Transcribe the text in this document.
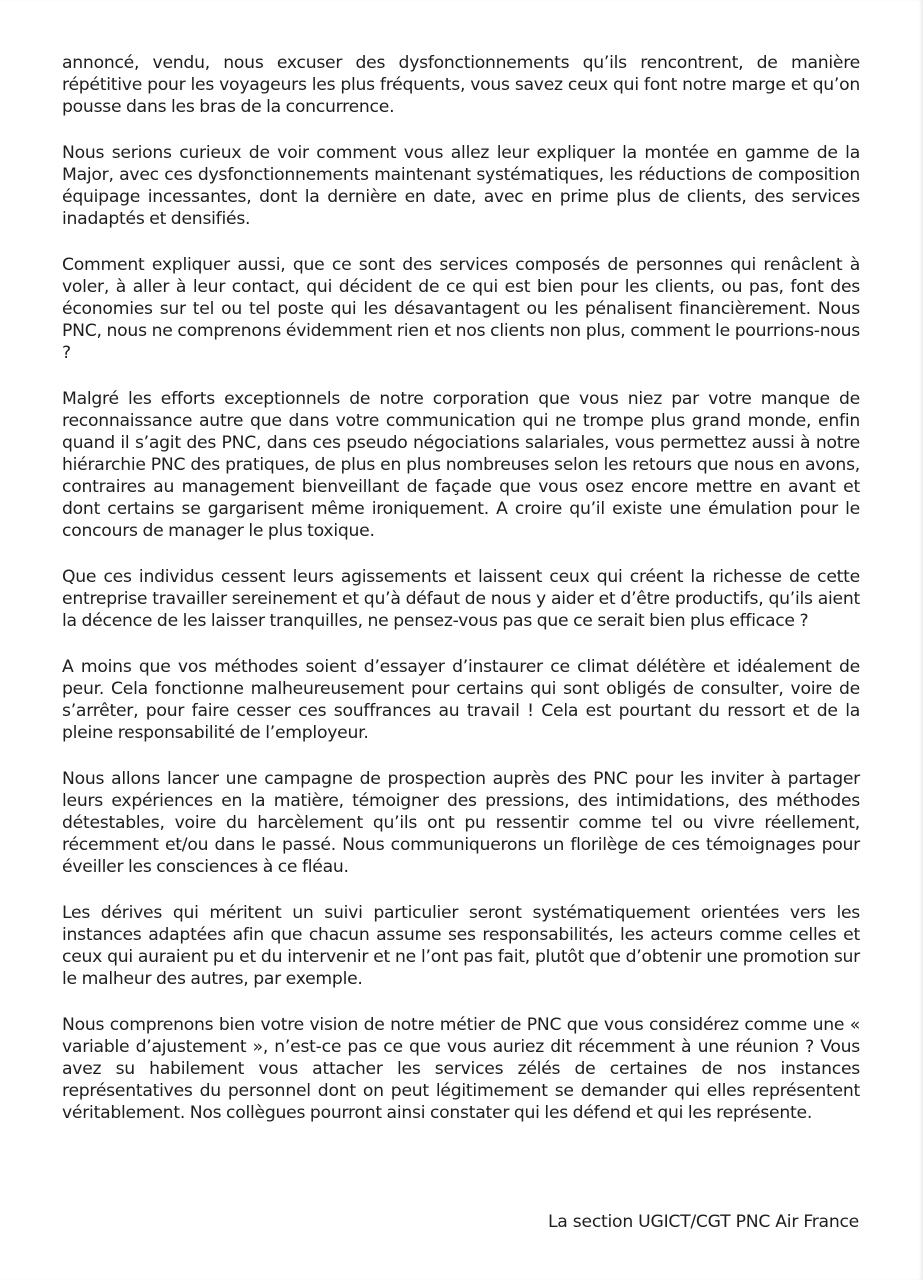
annoncé, vendu, nous excuser des dysfonctionnements qu’ils rencontrent, de manière répétitive pour les voyageurs les plus fréquents, vous savez ceux qui font notre marge et qu’on pousse dans les bras de la concurrence.

Nous serions curieux de voir comment vous allez leur expliquer la montée en gamme de la Major, avec ces dysfonctionnements maintenant systématiques, les réductions de composition équipage incessantes, dont la dernière en date, avec en prime plus de clients, des services inadaptés et densifiés.

Comment expliquer aussi, que ce sont des services composés de personnes qui renâclent à voler, à aller à leur contact, qui décident de ce qui est bien pour les clients, ou pas, font des économies sur tel ou tel poste qui les désavantagent ou les pénalisent financièrement. Nous PNC, nous ne comprenons évidemment rien et nos clients non plus, comment le pourrions-nous ?

Malgré les efforts exceptionnels de notre corporation que vous niez par votre manque de reconnaissance autre que dans votre communication qui ne trompe plus grand monde, enfin quand il s’agit des PNC, dans ces pseudo négociations salariales, vous permettez aussi à notre hiérarchie PNC des pratiques, de plus en plus nombreuses selon les retours que nous en avons, contraires au management bienveillant de façade que vous osez encore mettre en avant et dont certains se gargarisent même ironiquement. A croire qu’il existe une émulation pour le concours de manager le plus toxique.

Que ces individus cessent leurs agissements et laissent ceux qui créent la richesse de cette entreprise travailler sereinement et qu’à défaut de nous y aider et d’être productifs, qu’ils aient la décence de les laisser tranquilles, ne pensez-vous pas que ce serait bien plus efficace ?

A moins que vos méthodes soient d’essayer d’instaurer ce climat délétère et idéalement de peur. Cela fonctionne malheureusement pour certains qui sont obligés de consulter, voire de s’arrêter, pour faire cesser ces souffrances au travail ! Cela est pourtant du ressort et de la pleine responsabilité de l’employeur.

Nous allons lancer une campagne de prospection auprès des PNC pour les inviter à partager leurs expériences en la matière, témoigner des pressions, des intimidations, des méthodes détestables, voire du harcèlement qu’ils ont pu ressentir comme tel ou vivre réellement, récemment et/ou dans le passé. Nous communiquerons un florilège de ces témoignages pour éveiller les consciences à ce fléau.

Les dérives qui méritent un suivi particulier seront systématiquement orientées vers les instances adaptées afin que chacun assume ses responsabilités, les acteurs comme celles et ceux qui auraient pu et du intervenir et ne l’ont pas fait, plutôt que d’obtenir une promotion sur le malheur des autres, par exemple.

Nous comprenons bien votre vision de notre métier de PNC que vous considérez comme une « variable d’ajustement », n’est-ce pas ce que vous auriez dit récemment à une réunion ? Vous avez su habilement vous attacher les services zélés de certaines de nos instances représentatives du personnel dont on peut légitimement se demander qui elles représentent véritablement. Nos collègues pourront ainsi constater qui les défend et qui les représente.

La section UGICT/CGT PNC Air France
